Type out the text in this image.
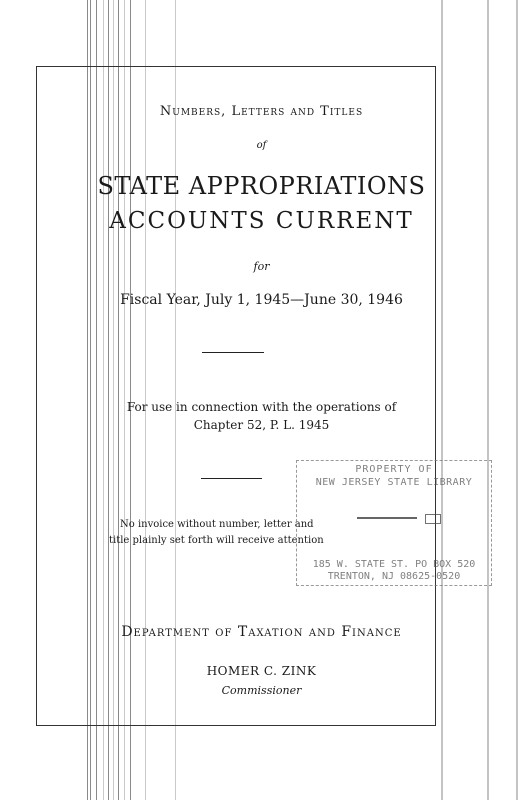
Numbers, Letters and Titles
of
STATE APPROPRIATIONS
ACCOUNTS CURRENT
for
Fiscal Year, July 1, 1945—June 30, 1946
For use in connection with the operations of
Chapter 52, P. L. 1945
No invoice without number, letter and
title plainly set forth will receive attention
PROPERTY OF
NEW JERSEY STATE LIBRARY
185 W. STATE ST. PO BOX 520
TRENTON, NJ 08625-0520
Department of Taxation and Finance
HOMER C. ZINK
Commissioner
